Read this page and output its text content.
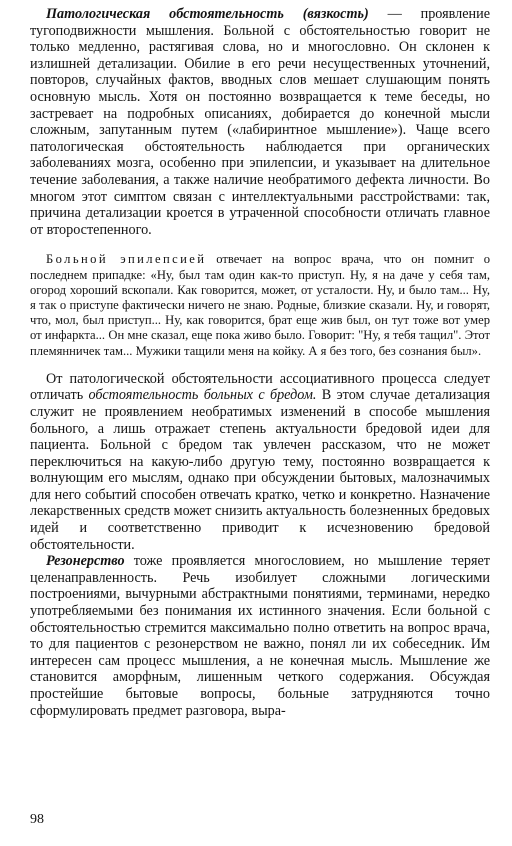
Патологическая обстоятельность (вязкость) — проявление тугоподвижности мышления. Больной с обстоятельностью говорит не только медленно, растягивая слова, но и многословно. Он склонен к излишней детализации. Обилие в его речи несущественных уточнений, повторов, случайных фактов, вводных слов мешает слушающим понять основную мысль. Хотя он постоянно возвращается к теме беседы, но застревает на подробных описаниях, добирается до конечной мысли сложным, запутанным путем («лабиринтное мышление»). Чаще всего патологическая обстоятельность наблюдается при органических заболеваниях мозга, особенно при эпилепсии, и указывает на длительное течение заболевания, а также наличие необратимого дефекта личности. Во многом этот симптом связан с интеллектуальными расстройствами: так, причина детализации кроется в утраченной способности отличать главное от второстепенного.

Больной эпилепсией отвечает на вопрос врача, что он помнит о последнем припадке: «Ну, был там один как-то приступ. Ну, я на даче у себя там, огород хороший вскопали. Как говорится, может, от усталости. Ну, и было там... Ну, я так о приступе фактически ничего не знаю. Родные, близкие сказали. Ну, и говорят, что, мол, был приступ... Ну, как говорится, брат еще жив был, он тут тоже вот умер от инфаркта... Он мне сказал, еще пока живо было. Говорит: "Ну, я тебя тащил". Этот племянничек там... Мужики тащили меня на койку. А я без того, без сознания был».

От патологической обстоятельности ассоциативного процесса следует отличать обстоятельность больных с бредом. В этом случае детализация служит не проявлением необратимых изменений в способе мышления больного, а лишь отражает степень актуальности бредовой идеи для пациента. Больной с бредом так увлечен рассказом, что не может переключиться на какую-либо другую тему, постоянно возвращается к волнующим его мыслям, однако при обсуждении бытовых, малозначимых для него событий способен отвечать кратко, четко и конкретно. Назначение лекарственных средств может снизить актуальность болезненных бредовых идей и соответственно приводит к исчезновению бредовой обстоятельности.

Резонерство тоже проявляется многословием, но мышление теряет целенаправленность. Речь изобилует сложными логическими построениями, вычурными абстрактными понятиями, терминами, нередко употребляемыми без понимания их истинного значения. Если больной с обстоятельностью стремится максимально полно ответить на вопрос врача, то для пациентов с резонерством не важно, понял ли их собеседник. Им интересен сам процесс мышления, а не конечная мысль. Мышление же становится аморфным, лишенным четкого содержания. Обсуждая простейшие бытовые вопросы, больные затрудняются точно сформулировать предмет разговора, выра-

98
